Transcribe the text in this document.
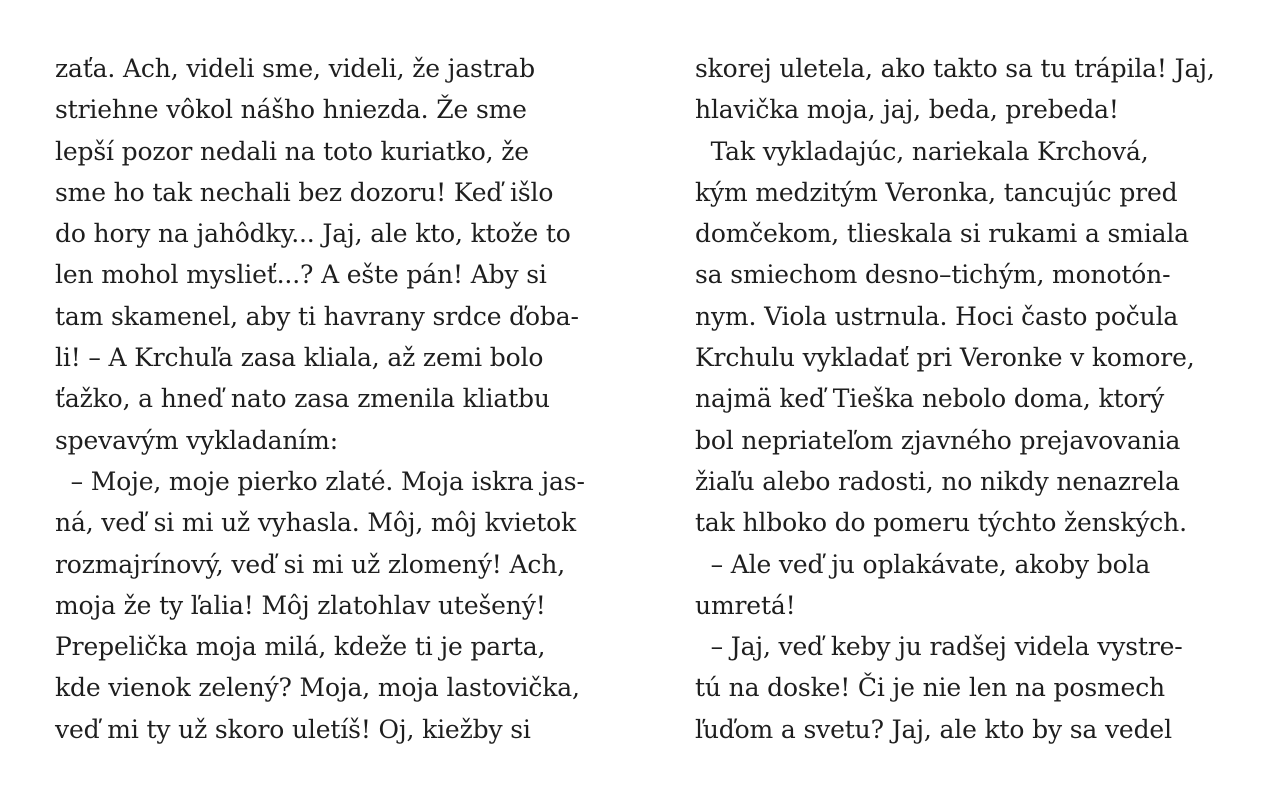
zaťa. Ach, videli sme, videli, že jastrab
striehne vôkol nášho hniezda. Že sme
lepší pozor nedali na toto kuriatko, že
sme ho tak nechali bez dozoru! Keď išlo
do hory na jahôdky... Jaj, ale kto, ktože to
len mohol myslieť...? A ešte pán! Aby si
tam skamenel, aby ti havrany srdce ďoba-
li! – A Krchuľa zasa kliala, až zemi bolo
ťažko, a hneď nato zasa zmenila kliatbu
spevavým vykladaním:
– Moje, moje pierko zlaté. Moja iskra jas-
ná, veď si mi už vyhasla. Môj, môj kvietok
rozmajrínový, veď si mi už zlomený! Ach,
moja že ty ľalia! Môj zlatohlav utešený!
Prepelička moja milá, kdeže ti je parta,
kde vienok zelený? Moja, moja lastovička,
veď mi ty už skoro uletíš! Oj, kiežby si
skorej uletela, ako takto sa tu trápila! Jaj,
hlavička moja, jaj, beda, prebeda!
Tak vykladajúc, nariekala Krchová,
kým medzitým Veronka, tancujúc pred
domčekom, tlieskala si rukami a smiala
sa smiechom desno–tichým, monotón-
nym. Viola ustrnula. Hoci často počula
Krchulu vykladať pri Veronke v komore,
najmä keď Tieška nebolo doma, ktorý
bol nepriateľom zjavného prejavovania
žiaľu alebo radosti, no nikdy nenazrela
tak hlboko do pomeru týchto ženských.
– Ale veď ju oplakávate, akoby bola
umretá!
– Jaj, veď keby ju radšej videla vystre-
tú na doske! Či je nie len na posmech
ľuďom a svetu? Jaj, ale kto by sa vedel
